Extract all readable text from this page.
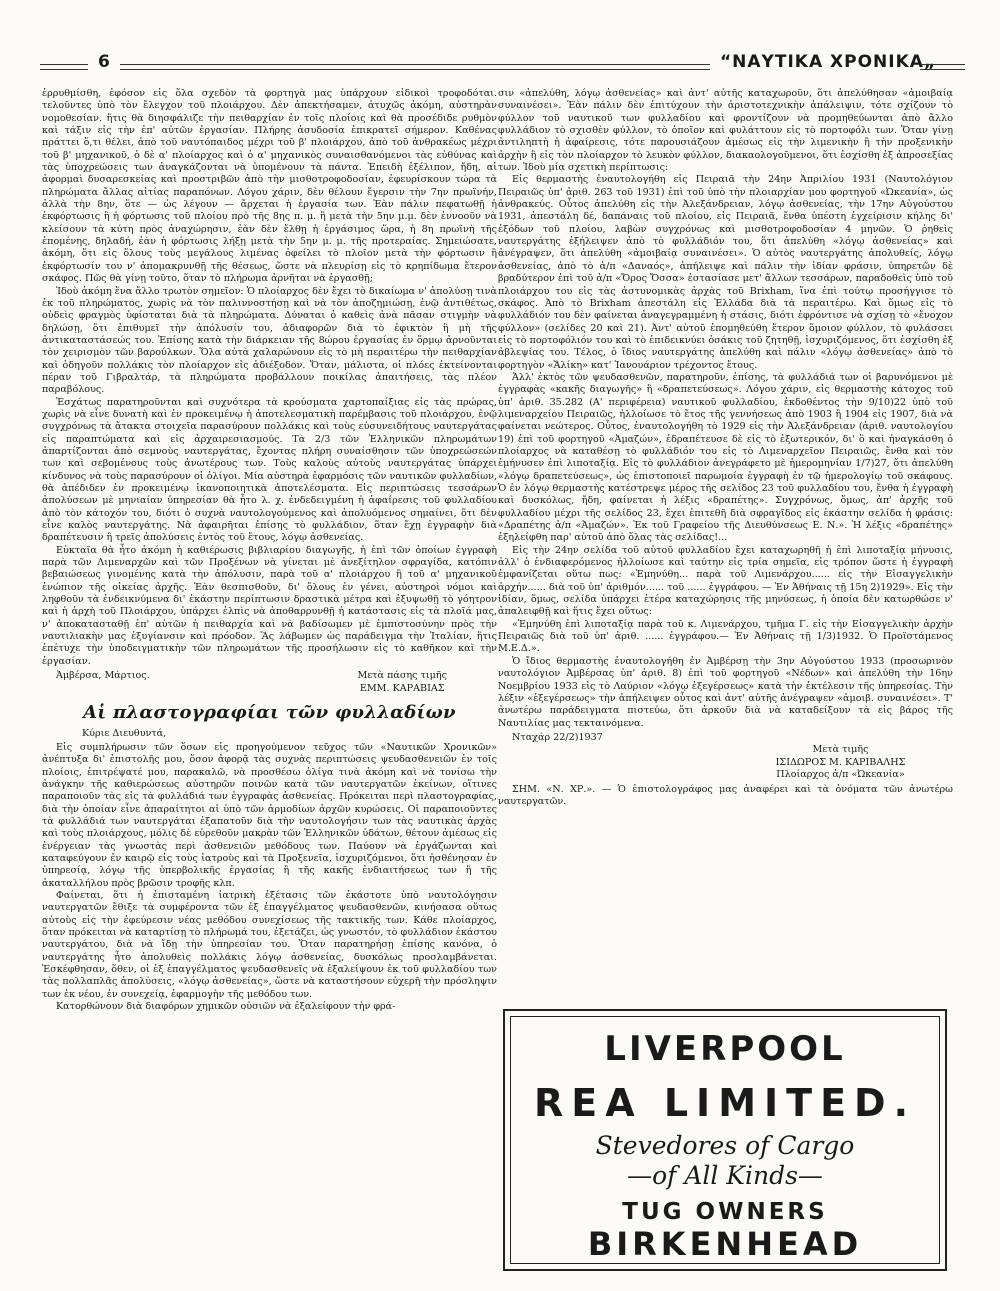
6	“ΝΑΥΤΙΚΑ ΧΡΟΝΙΚΑ„

ἐρρυθμίσθη, ἐφόσον εἰς ὅλα σχεδὸν τὰ φορτηγὰ μας ὑπάρχουν εἰδικοὶ τροφοδόται. τελοῦντες ὑπὸ τὸν ἔλεγχον τοῦ πλοιάρχου. Δὲν ἀπεκτήσαμεν, ἀτυχῶς ἀκόμη, αὐστηρὰν νομοθεσίαν. ἥτις θὰ διησφάλιζε τὴν πειθαρχίαν ἐν τοῖς πλοίοις καὶ θὰ προσέδιδε ρυθμὸν καὶ τάξιν εἰς τὴν ἐπ' αὐτῶν ἐργασίαν. Πλήρης ἀσυδοσία ἐπικρατεῖ σήμερον. Καθένας πράττει ὅ,τι θέλει, ἀπὸ τοῦ ναυτόπαιδος μέχρι τοῦ β' πλοιάρχου, ἀπὸ τοῦ ἀνθρακέως μέχρι τοῦ β' μηχανικοῦ, ὁ δὲ α' πλοίαρχος καὶ ὁ α' μηχανικὸς συναισθανόμενοι τὰς εὐθύνας καὶ τὰς ὑποχρεώσεις των ἀναγκάζονται νὰ ὑπομένουν τὰ πάντα. Ἐπειδὴ ἐξέλιπον, ἤδη, αἱ ἀφορμαὶ δυσαρεσκείας καὶ προστριβῶν ἀπὸ τὴν μισθοτροφοδοσίαν, ἐφευρίσκουν τώρα τὰ πληρώματα ἄλλας αἰτίας παραπόνων. Λόγου χάριν, δὲν θέλουν ἔγερσιν τὴν 7ην πρωϊνήν, ἀλλὰ τὴν 8ην, ὅτε — ὡς λέγουν — ἄρχεται ἡ ἐργασία των. Ἐὰν πάλιν πεφατωθῇ ἡ ἐκφόρτωσις ἢ ἡ φόρτωσις τοῦ πλοίου πρὸ τῆς 8ης π. μ. ἢ μετὰ τὴν 5ην μ.μ. δὲν ἐννοοῦν νὰ κλείσουν τὰ κύτη πρὸς ἀναχώρησιν, ἐὰν δὲν ἔλθῃ ἡ ἐργάσιμος ὥρα, ἡ 8η πρωϊνὴ τῆς ἑπομένης, δηλαδή, ἐὰν ἡ φόρτωσις λήξῃ μετὰ τὴν 5ην μ. μ. τῆς προτεραίας. Σημειώσατε, ἀκόμη, ὅτι εἰς ὅλους τοὺς μεγάλους λιμένας ὀφείλει τὸ πλοῖον μετὰ τὴν φόρτωσιν ἢ ἐκφόρτωσίν του ν' ἀπομακρυνθῇ τῆς θέσεως, ὥστε νὰ πλευρίσῃ εἰς τὸ κρηπίδωμα ἕτερον σκάφος. Πῶς θὰ γίνῃ τοῦτο, ὅταν τὸ πλήρωμα ἀρνῆται νὰ ἐργασθῇ;

Ἰδοὺ ἀκόμη ἕνα ἄλλο τρωτὸν σημεῖον: Ὁ πλοίαρχος δὲν ἔχει τὸ δικαίωμα ν' ἀπολύσῃ τινὰ ἐκ τοῦ πληρώματος, χωρὶς νὰ τὸν παλιννοστήσῃ καὶ νὰ τὸν ἀποζημιώσῃ, ἐνῷ ἀντιθέτως, οὐδεὶς φραγμὸς ὑφίσταται διὰ τὰ πληρώματα. Δύναται ὁ καθεὶς ἀνὰ πᾶσαν στιγμὴν νὰ δηλώσῃ, ὅτι ἐπιθυμεῖ τὴν ἀπόλυσίν του, ἀδιαφορῶν διὰ τὸ ἐφικτὸν ἢ μὴ τῆς ἀντικαταστάσεώς του. Ἐπίσης κατὰ τὴν διάρκειαν τῆς 8ώρου ἐργασίας ἐν ὅρμῳ ἀρνοῦνται τὸν χειρισμὸν τῶν βαρούλκων. Ὅλα αὐτὰ χαλαρώνουν εἰς τὸ μὴ περαιτέρω τὴν πειθαρχίαν καὶ ὁδηγοῦν πολλάκις τὸν πλοίαρχον εἰς ἀδιέξοδον. Ὅταν, μάλιστα, οἱ πλόες ἐκτείνονται πέραν τοῦ Γιβραλτάρ, τὰ πληρώματα προβάλλουν ποικίλας ἀπαιτήσεις, τὰς πλέον παραβόλους.

Ἐσχάτως παρατηροῦνται καὶ συχνότερα τὰ κρούσματα χαρτοπαίξιας εἰς τὰς πρώρας, χωρὶς νὰ εἶνε δυνατὴ καὶ ἐν προκειμένῳ ἡ ἀποτελεσματικὴ παρέμβασις τοῦ πλοιάρχου, ἐνῷ συγχρόνως τὰ ἄτακτα στοιχεῖα παρασύρουν πολλάκις καὶ τοὺς εὐσυνειδήτους ναυτεργάτας εἰς παραπτώματα καὶ εἰς ἀρχαιρεσιασμούς. Τὰ 2/3 τῶν Ἑλληνικῶν πληρωμάτων ἀπαρτίζονται ἀπὸ σεμνοὺς ναυτεργάτας, ἔχοντας πλήρη συναίσθησιν τῶν ὑποχρεώσεών των καὶ σεβομένους τοὺς ἀνωτέρους των. Τοὺς καλοὺς αὐτοὺς ναυτεργάτας ὑπάρχει κίνδυνος νὰ τοὺς παρασύρουν οἱ ὀλίγοι. Μία αὐστηρὰ ἐφαρμόσις τῶν ναυτικῶν φυλλαδίων, θὰ ἀπέδιδεν ἐν προκειμένῳ ἱκανοποιητικὰ ἀποτελέσματα. Εἰς περιπτώσεις τεσσάρων ἀπολύσεων μὲ μηνιαίαν ὑπηρεσίαν θὰ ἦτο λ. χ. ἐνδεδειγμένη ἡ ἀφαίρεσις τοῦ φυλλαδίου ἀπὸ τὸν κάτοχόν του, διότι ὁ συχνὰ ναυτολογούμενος καὶ ἀπολυόμενος σημαίνει, ὅτι δὲν εἶνε καλὸς ναυτεργάτης. Νὰ ἀφαιρῆται ἐπίσης τὸ φυλλάδιον, ὅταν ἔχῃ ἐγγραφὴν διὰ δραπέτευσιν ἢ τρεῖς ἀπολύσεις ἐντὸς τοῦ ἔτους, λόγῳ ἀσθενείας.

Εὐκταῖα θὰ ἦτο ἀκόμη ἡ καθιέρωσις βιβλιαρίου διαγωγῆς, ἡ ἐπὶ τῶν ὁποίων ἐγγραφὴ παρὰ τῶν Λιμεναρχῶν καὶ τῶν Προξένων νὰ γίνεται μὲ ἀνεξίτηλον σφραγίδα, κατόπιν βεβαιώσεως γινομένης κατὰ τὴν ἀπόλυσιν, παρὰ τοῦ α' πλοιάρχου ἢ τοῦ α' μηχανικοῦ ἐνώπιον τῆς οἰκείας ἀρχῆς. Ἐὰν θεσπισθοῦν, δι' ὅλους ἐν γένει, αὐστηροὶ νόμοι καὶ ληφθοῦν τὰ ἐνδεικνύμενα δι' ἑκάστην περίπτωσιν δραστικὰ μέτρα καὶ ἐξυψωθῇ τὸ γόητρον καὶ ἡ ἀρχὴ τοῦ Πλοιάρχου, ὑπάρχει ἐλπὶς νὰ ἀποθαρρυνθῇ ἡ κατάστασις εἰς τὰ πλοῖά μας, ν' ἀποκατασταθῇ ἐπ' αὐτῶν ἡ πειθαρχία καὶ νὰ βαδίσωμεν μὲ ἐμπιστοσύνην πρὸς τὴν ναυτιλιακὴν μας ἐξυγίανσιν καὶ πρόοδον. Ἂς λάβωμεν ὡς παράδειγμα τὴν Ἰταλίαν, ἥτις ἐπέτυχε τὴν ὑποδειγματικὴν τῶν πληρωμάτων τῆς προσήλωσιν εἰς τὸ καθῆκον καὶ τὴν ἐργασίαν.

Ἀμβέρσα, Μάρτιος.	Μετὰ πάσης τιμῆς
ΕΜΜ. ΚΑΡΑΒΙΑΣ
Αἱ πλαστογραφίαι τῶν φυλλαδίων

Κύριε Διευθυντά,

Εἰς συμπλήρωσιν τῶν ὅσων εἰς προηγούμενον τεῦχος τῶν «Ναυτικῶν Χρονικῶν» ἀνέπτυξα δι' ἐπιστολῆς μου, ὅσον ἀφορᾷ τὰς συχνὰς περιπτώσεις ψευδασθενειῶν ἐν τοῖς πλοίοις, ἐπιτρέψατέ μου, παρακαλῶ, νὰ προσθέσω ὀλίγα τινὰ ἀκόμη καὶ νὰ τονίσω τὴν ἀνάγκην τῆς καθιερώσεως αὐστηρῶν ποινῶν κατὰ τῶν ναυτεργατῶν ἐκείνων, οἵτινες παραποιοῦν τὰς εἰς τὰ φυλλάδιά των ἐγγραφὰς ἀσθενείας. Πρόκειται περὶ πλαστογραφίας, διὰ τὴν ὁποίαν εἶνε ἀπαραίτητοι αἱ ὑπὸ τῶν ἁρμοδίων ἀρχῶν κυρώσεις. Οἱ παραποιοῦντες τὰ φυλλάδιά των ναυτεργάται ἐξαπατοῦν διὰ τὴν ναυτολογήσιν των τὰς ναυτικὰς ἀρχὰς καὶ τοὺς πλοιάρχους, μόλις δὲ εὑρεθοῦν μακρὰν τῶν Ἑλληνικῶν ὑδάτων, θέτουν ἀμέσως εἰς ἐνέργειαν τὰς γνωστὰς περὶ ἀσθενειῶν μεθόδους των. Παύουν νὰ ἐργάζωνται καὶ καταφεύγουν ἐν καιρῷ εἰς τοὺς ἰατροὺς καὶ τὰ Προξενεῖα, ἰσχυριζόμενοι, ὅτι ἠσθένησαν ἐν ὑπηρεσίᾳ, λόγῳ τῆς ὑπερβολικῆς ἐργασίας ἢ τῆς κακῆς ἐνδιαιτήσεως των ἢ τῆς ἀκαταλλήλου πρὸς βρῶσιν τροφῆς κλπ.

Φαίνεται, ὅτι ἡ ἐπισταμένη ἰατρικὴ ἐξέτασις τῶν ἑκάστοτε ὑπὸ ναυτολόγησιν ναυτεργατῶν ἔθιξε τὰ συμφέροντα τῶν ἐξ ἐπαγγέλματος ψευδασθενῶν, κινήσασα οὕτως αὐτοὺς εἰς τὴν ἐφεύρεσιν νέας μεθόδου συνεχίσεως τῆς τακτικῆς των. Κάθε πλοίαρχος, ὅταν πρόκειται νὰ καταρτίσῃ τὸ πλήρωμά του, ἐξετάζει, ὡς γνωστόν, τὸ φυλλάδιον ἑκάστου ναυτεργάτου, διὰ νὰ ἴδῃ τὴν ὑπηρεσίαν του. Ὅταν παρατηρήσῃ ἐπίσης κανόνα, ὁ ναυτεργάτης ἦτο ἀπολυθεὶς πολλάκις λόγῳ ἀσθενείας, δυσκόλως προσλαμβάνεται. Ἐσκέφθησαν, ὅθεν, οἱ ἐξ ἐπαγγέλματος ψευδασθενεῖς νὰ ἐξαλείψουν ἐκ τοῦ φυλλαδίου των τὰς πολλαπλᾶς ἀπολύσεις, «λόγῳ ἀσθενείας», ὥστε νὰ καταστήσουν εὐχερῆ τὴν πρόσληψιν των ἐκ νέου, ἐν συνεχείᾳ, ἐφαρμογὴν τῆς μεθόδου των.

Κατορθώνουν διὰ διαφόρων χημικῶν οὐσιῶν νὰ ἐξαλείφουν τὴν φρά-

σιν «ἀπελύθη, λόγῳ ἀσθενείας» καὶ ἀντ' αὐτῆς καταχωροῦν, ὅτι ἀπελύθησαν «ἀμοιβαίᾳ συναινέσει». Ἐὰν πάλιν δὲν ἐπιτύχουν τὴν ἀριστοτεχνικὴν ἀπάλειψιν, τότε σχίζουν τὸ φύλλον τοῦ ναυτικοῦ των φυλλαδίου καὶ φροντίζουν νὰ προμηθεύωνται ἀπὸ ἄλλο φυλλάδιον τὸ σχισθὲν φύλλον, τὸ ὁποῖον καὶ φυλάττουν εἰς τὸ πορτοφόλι των. Ὅταν γίνῃ ἀντιληπτὴ ἡ ἀφαίρεσις, τότε παρουσιάζουν ἀμέσως εἰς τὴν λιμενικὴν ἢ τὴν προξενικὴν ἀρχὴν ἢ εἰς τὸν πλοίαρχον τὸ λευκὸν φύλλον, διακαολογοῦμενοι, ὅτι ἐσχίσθη ἐξ ἀπροσεξίας των. Ἰδοὺ μία σχετικὴ περίπτωσις:

Εἰς θερμαστὴς ἐναυτολογήθη εἰς Πειραιᾶ τὴν 24ην Ἀπριλίου 1931 (Ναυτολόγιον Πειραιῶς ὑπ' ἀριθ. 263 τοῦ 1931) ἐπὶ τοῦ ὑπὸ τὴν πλοιαρχίαν μου φορτηγοῦ «Ὠκεανία», ὡς ἀνθρακεύς. Οὗτος ἀπελύθη εἰς τὴν Ἀλεξάνδρειαν, λόγῳ ἀσθενείας, τὴν 17ην Αὐγούστου 1931, ἀπεστάλη δέ, δαπάναις τοῦ πλοίου, εἰς Πειραιᾶ, ἔνθα ὑπέστη ἐγχείρισιν κήλης δι' ἐξόδων τοῦ πλοίου, λαβὼν συγχρόνως καὶ μισθοτροφοδοσίαν 4 μηνῶν. Ὁ ῥηθεὶς ναυτεργάτης ἐξήλειψεν ἀπὸ τὸ φυλλάδιόν του, ὅτι ἀπελύθη «λόγῳ ἀσθενείας» καὶ ἀνέγραψεν, ὅτι ἀπελύθη «ἀμοιβαίᾳ συναινέσει». Ὁ αὐτὸς ναυτεργάτης ἀπολυθείς, λόγῳ ἀσθενείας, ἀπὸ τὸ ἀ/π «Δαναός», ἀπήλειψε καὶ πάλιν τὴν ἰδίαν φράσιν, ὑπηρετῶν δὲ βραδύτερον ἐπὶ τοῦ ἀ/π «Ὄρος Ὄσσα» ἐστασίασε μετ' ἄλλων τεσσάρων, παραδοθεὶς ὑπὸ τοῦ πλοιάρχου του εἰς τὰς ἀστυνομικὰς ἀρχὰς τοῦ Brixham, ἵνα ἐπὶ τούτῳ προσήγγισε τὸ σκάφος. Ἀπὸ τὸ Brixham ἀπεστάλη εἰς Ἑλλάδα διὰ τὰ περαιτέρω. Καὶ ὅμως εἰς τὸ φυλλάδιόν του δὲν φαίνεται ἀναγεγραμμένη ἡ στάσις, διότι ἐφρόντισε νὰ σχίσῃ τὸ «ἔνοχον φύλλον» (σελίδες 20 καὶ 21). Ἀντ' αὐτοῦ ἐπομηθεύθη ἕτερον ὅμοιον φύλλον, τὸ φυλάσσει εἰς τὸ πορτοφόλιόν του καὶ τὸ ἐπιδεικνύει ὁσάκις τοῦ ζητηθῇ, ἰσχυριζόμενος, ὅτι ἐσχίσθη ἐξ ἀβλεψίας του. Τέλος, ὁ ἴδιος ναυτεργάτης ἀπελύθη καὶ πάλιν «λόγῳ ἀσθενείας» ἀπὸ τὸ φορτηγὸν «Ἄλίκη» κατ' Ἰανουάριον τρέχοντος ἔτους.

Ἀλλ' ἐκτὸς τῶν ψευδασθενῶν, παρατηροῦν, ἐπίσης, τὰ φυλλάδιά των οἱ βαρυνόμενοι μὲ ἐγγραφὰς «κακῆς διαγωγῆς» ἢ «δραπετεύσεως». Λόγου χάριν, εἰς θερμαστὴς κάτοχος τοῦ ὑπ' ἀριθ. 35.282 (Α' περιφέρεια) ναυτικοῦ φυλλαδίου, ἐκδοθέντος τὴν 9/10)22 ὑπὸ τοῦ λιμεναρχείου Πειραιῶς, ἠλλοίωσε τὸ ἔτος τῆς γεννήσεως ἀπὸ 1903 ἢ 1904 εἰς 1907, διὰ νὰ φαίνεται νεώτερος. Οὗτος, ἐναυτολογήθη τὸ 1929 εἰς τὴν Ἀλεξάνδρειαν (ἀριθ. ναυτολογίου 19) ἐπὶ τοῦ φορτηγοῦ «Ἀμαζών», ἐδραπέτευσε δὲ εἰς τὸ ἐξωτερικόν, δι' ὃ καὶ ἠναγκάσθη ὁ πλοίαρχος νὰ καταθέσῃ τὸ φυλλάδιόν του εἰς τὸ Λιμεναρχεῖον Πειραιῶς, ἔνθα καὶ τὸν ἐμήνυσεν ἐπὶ λιποταξίᾳ. Εἰς τὸ φυλλάδιον ἀνεγράφετο μὲ ἡμερομηνίαν 1/7)27, ὅτι ἀπελύθη «λόγῳ δραπετεύσεως», ὡς ἐπιστοποιεῖ παρωμοία ἐγγραφὴ ἐν τῷ ἡμερολογίῳ τοῦ σκάφους. Ὁ ἐν λόγῳ θερμαστὴς κατέστρεψε μέρος τῆς σελίδος 23 τοῦ φυλλαδίου του, ἔνθα ἡ ἐγγραφὴ καὶ δυσκόλως, ἤδη, φαίνεται ἡ λέξις «δραπέτης». Συγχρόνως, ὅμως, ἀπ' ἀρχῆς τοῦ φυλλαδίου μέχρι τῆς σελίδος 23, ἔχει ἐπιτεθῆ διὰ σφραγῖδος εἰς ἑκάστην σελίδα ἡ φράσις: «Δραπέτης ἀ/π «Ἀμαζών». Ἐκ τοῦ Γραφείου τῆς Διευθύνσεως Ε. Ν.». Ἡ λέξις «δραπέτης» ἐξηλείφθη παρ' αὐτοῦ ἀπὸ ὅλας τὰς σελίδας!...

Εἰς τὴν 24ην σελίδα τοῦ αὐτοῦ φυλλαδίου ἔχει καταχωρηθῆ ἡ ἐπὶ λιποταξίᾳ μήνυσις, ἀλλ' ὁ ἐνδιαφερόμενος ἠλλοίωσε καὶ ταύτην εἰς τρία σημεῖα, εἰς τρόπον ὥστε ἡ ἐγγραφὴ ἐμφανίζεται οὕτω πως: «Ἐμηνύθη... παρὰ τοῦ Λιμενάρχου...... εἰς τὴν Εἰσαγγελικὴν ἀρχήν...... διὰ τοῦ ὑπ' ἀριθμόν...... τοῦ ...... ἐγγράφου. — Ἐν Ἀθήναις τῇ 15η 2)1929». Εἰς τὴν ἰδίαν, ὅμως, σελίδα ὑπάρχει ἑτέρα καταχώρησις τῆς μηνύσεως, ἡ ὁποία δὲν κατωρθώσε ν' ἀπαλειφθῇ καὶ ἥτις ἔχει οὕτως:

«Ἐμηνύθη ἐπὶ λιποταξίᾳ παρὰ τοῦ κ. Λιμενάρχου, τμῆμα Γ. εἰς τὴν Εἰσαγγελικὴν ἀρχὴν Πειραιῶς διὰ τοῦ ὑπ' ἀριθ. ...... ἐγγράφου.— Ἐν Ἀθήναις τῇ 1/3)1932. Ὁ Προϊστάμενος Μ.Ε.Δ.».

Ὁ ἴδιος θερμαστὴς ἐναυτολογήθη ἐν Ἀμβέρσῃ τὴν 3ην Αὐγούστου 1933 (προσωρινὸν ναυτολόγιον Ἀμβέρσας ὑπ' ἀριθ. 8) ἐπὶ τοῦ φορτηγοῦ «Νέδων» καὶ ἀπελύθη τὴν 16ην Νοεμβρίου 1933 εἰς τὸ Λαύριον «λόγῳ ἐξεγέρσεως» κατὰ τὴν ἐκτέλεσιν τῆς ὑπηρεσίας. Τὴν λέξιν «ἐξεγέρσεως» τὴν ἀπήλειψεν οὗτος καὶ ἀντ' αὐτῆς ἀνέγραψεν «ἀμοιβ. συναινέσει». Τ' ἀνωτέρω παράδειγματα πιστεύω, ὅτι ἀρκοῦν διὰ νὰ καταδείξουν τὰ εἰς βάρος τῆς Ναυτιλίας μας τεκταινόμενα.

Νταχάρ 22/2)1937
Μετὰ τιμῆς
ΙΣΙΔΩΡΟΣ Μ. ΚΑΡΙΒΑΛΗΣ
Πλοίαρχος ἀ/π «Ὠκεανία»

ΣΗΜ. «Ν. ΧΡ.». — Ὁ ἐπιστολογράφος μας ἀναφέρει καὶ τὰ ὀνόματα τῶν ἀνωτέρω ναυτεργατῶν.

LIVERPOOL
REA LIMITED.
Stevedores of Cargo
—of All Kinds—
TUG OWNERS
BIRKENHEAD
